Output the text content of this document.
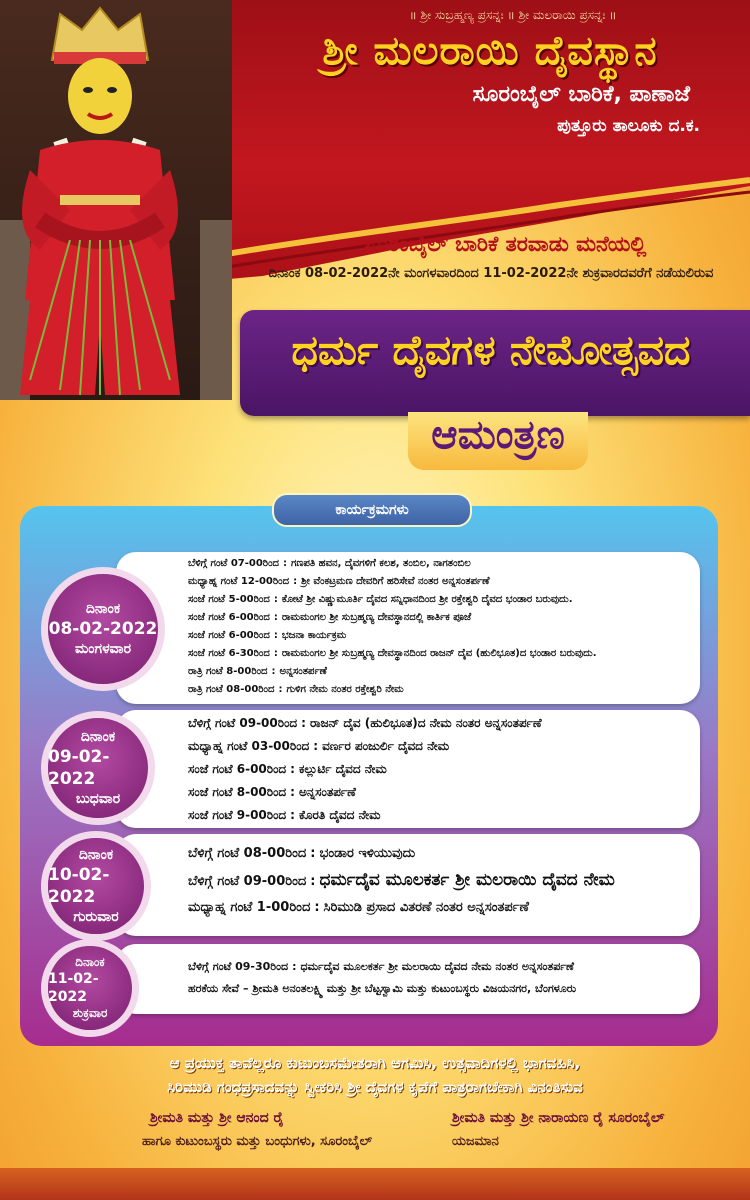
॥ ಶ್ರೀ ಸುಬ್ರಹ್ಮಣ್ಯ ಪ್ರಸನ್ನಃ ॥ ಶ್ರೀ ಮಲರಾಯಿ ಪ್ರಸನ್ನಃ ॥
ಶ್ರೀ ಮಲರಾಯಿ ದೈವಸ್ಥಾನ
ಸೂರಂಬೈಲ್ ಬಾರಿಕೆ, ಪಾಣಾಜೆ
ಪುತ್ತೂರು ತಾಲೂಕು ದ.ಕ.
ಸೂರಂಬೈಲ್ ಬಾರಿಕೆ ತರವಾಡು ಮನೆಯಲ್ಲಿ
ದಿನಾಂಕ 08-02-2022ನೇ ಮಂಗಳವಾರದಿಂದ 11-02-2022ನೇ ಶುಕ್ರವಾರದವರೆಗೆ ನಡೆಯಲಿರುವ
ಧರ್ಮ ದೈವಗಳ ನೇಮೋತ್ಸವದ
ಆಮಂತ್ರಣ
ಕಾರ್ಯಕ್ರಮಗಳು
ಬೆಳಿಗ್ಗೆ ಗಂಟೆ 07-00ರಿಂದ : ಗಣಪತಿ ಹವನ, ದೈವಗಳಿಗೆ ಕಲಶ, ತಂಬಿಲ, ನಾಗತಂಬಿಲ
ಮಧ್ಯಾಹ್ನ ಗಂಟೆ 12-00ರಿಂದ : ಶ್ರೀ ವೆಂಕಟ್ರಮಣ ದೇವರಿಗೆ ಹರಿಸೇವೆ ನಂತರ ಅನ್ನಸಂತರ್ಪಣೆ
ಸಂಜೆ ಗಂಟೆ 5-00ರಿಂದ : ಕೋಟೆ ಶ್ರೀ ವಿಷ್ಣುಮೂರ್ತಿ ದೈವದ ಸನ್ನಿಧಾನದಿಂದ ಶ್ರೀ ರಕ್ತೇಶ್ವರಿ ದೈವದ ಭಂಡಾರ ಬರುವುದು.
ಸಂಜೆ ಗಂಟೆ 6-00ರಿಂದ : ರಾಮಮಂಗಲ ಶ್ರೀ ಸುಬ್ರಹ್ಮಣ್ಯ ದೇವಸ್ಥಾನದಲ್ಲಿ ಕಾರ್ತಿಕ ಪೂಜೆ
ಸಂಜೆ ಗಂಟೆ 6-00ರಿಂದ : ಭಜನಾ ಕಾರ್ಯಕ್ರಮ
ಸಂಜೆ ಗಂಟೆ 6-30ರಿಂದ : ರಾಮಮಂಗಲ ಶ್ರೀ ಸುಬ್ರಹ್ಮಣ್ಯ ದೇವಸ್ಥಾನದಿಂದ ರಾಜನ್ ದೈವ (ಹುಲಿಭೂತ)ದ ಭಂಡಾರ ಬರುವುದು.
ರಾತ್ರಿ ಗಂಟೆ 8-00ರಿಂದ : ಅನ್ನಸಂತರ್ಪಣೆ
ರಾತ್ರಿ ಗಂಟೆ 08-00ರಿಂದ : ಗುಳಿಗ ನೇಮ ನಂತರ ರಕ್ತೇಶ್ವರಿ ನೇಮ
ದಿನಾಂಕ
08-02-2022
ಮಂಗಳವಾರ
ಬೆಳಿಗ್ಗೆ ಗಂಟೆ 09-00ರಿಂದ : ರಾಜನ್ ದೈವ (ಹುಲಿಭೂತ)ದ ನೇಮ ನಂತರ ಅನ್ನಸಂತರ್ಪಣೆ
ಮಧ್ಯಾಹ್ನ ಗಂಟೆ 03-00ರಿಂದ : ವರ್ಣರ ಪಂಜುರ್ಲಿ ದೈವದ ನೇಮ
ಸಂಜೆ ಗಂಟೆ 6-00ರಿಂದ : ಕಲ್ಲುರ್ಟಿ ದೈವದ ನೇಮ
ಸಂಜೆ ಗಂಟೆ 8-00ರಿಂದ : ಅನ್ನಸಂತರ್ಪಣೆ
ಸಂಜೆ ಗಂಟೆ 9-00ರಿಂದ : ಕೊರತಿ ದೈವದ ನೇಮ
ದಿನಾಂಕ
09-02-2022
ಬುಧವಾರ
ಬೆಳಿಗ್ಗೆ ಗಂಟೆ 08-00ರಿಂದ : ಭಂಡಾರ ಇಳಿಯುವುದು
ಬೆಳಿಗ್ಗೆ ಗಂಟೆ 09-00ರಿಂದ : ಧರ್ಮದೈವ ಮೂಲಕರ್ತ ಶ್ರೀ ಮಲರಾಯಿ ದೈವದ ನೇಮ
ಮಧ್ಯಾಹ್ನ ಗಂಟೆ 1-00ರಿಂದ : ಸಿರಿಮುಡಿ ಪ್ರಸಾದ ವಿತರಣೆ ನಂತರ ಅನ್ನಸಂತರ್ಪಣೆ
ದಿನಾಂಕ
10-02-2022
ಗುರುವಾರ
ಬೆಳಿಗ್ಗೆ ಗಂಟೆ 09-30ರಿಂದ : ಧರ್ಮದೈವ ಮೂಲಕರ್ತ ಶ್ರೀ ಮಲರಾಯಿ ದೈವದ ನೇಮ ನಂತರ ಅನ್ನಸಂತರ್ಪಣೆ
ಹರಕೆಯ ಸೇವೆ – ಶ್ರೀಮತಿ ಅನಂತಲಕ್ಷ್ಮಿ ಮತ್ತು ಶ್ರೀ ಬೆಟ್ಟಸ್ವಾಮಿ ಮತ್ತು ಕುಟುಂಬಸ್ಥರು ವಿಜಯನಗರ, ಬೆಂಗಳೂರು
ದಿನಾಂಕ
11-02-2022
ಶುಕ್ರವಾರ
ಆ ಪ್ರಯುಕ್ತ ತಾವೆಲ್ಲರೂ ಕುಟುಂಬಸಮೇತರಾಗಿ ಆಗಮಿಸಿ, ಉತ್ಸವಾದಿಗಳಲ್ಲಿ ಭಾಗವಹಿಸಿ,
ಸಿರಿಮುಡಿ ಗಂಧಪ್ರಸಾದವನ್ನು ಸ್ವೀಕರಿಸಿ ಶ್ರೀ ದೈವಗಳ ಕೃಪೆಗೆ ಪಾತ್ರರಾಗಬೇಕಾಗಿ ವಿನಂತಿಸುವ
ಶ್ರೀಮತಿ ಮತ್ತು ಶ್ರೀ ಆನಂದ ರೈ
ಹಾಗೂ ಕುಟುಂಬಸ್ಥರು ಮತ್ತು ಬಂಧುಗಳು, ಸೂರಂಬೈಲ್
ಶ್ರೀಮತಿ ಮತ್ತು ಶ್ರೀ ನಾರಾಯಣ ರೈ ಸೂರಂಬೈಲ್
ಯಜಮಾನ
